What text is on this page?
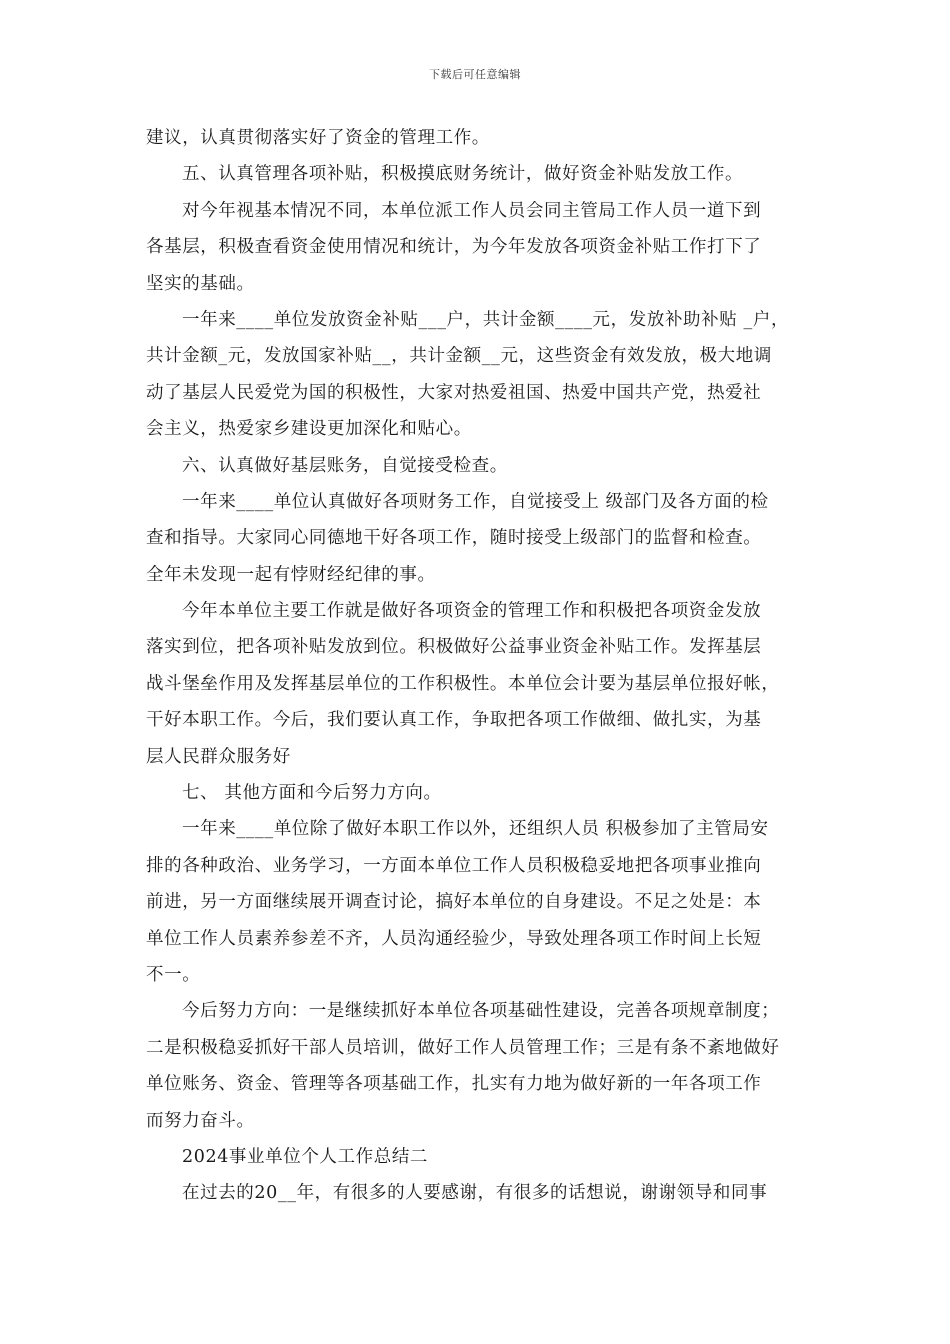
下载后可任意编辑
建议，认真贯彻落实好了资金的管理工作。
五、认真管理各项补贴，积极摸底财务统计，做好资金补贴发放工作。
对今年视基本情况不同，本单位派工作人员会同主管局工作人员一道下到
各基层，积极查看资金使用情况和统计，为今年发放各项资金补贴工作打下了
坚实的基础。
一年来____单位发放资金补贴___户，共计金额____元，发放补助补贴 _户，
共计金额_元，发放国家补贴__，共计金额__元，这些资金有效发放，极大地调
动了基层人民爱党为国的积极性，大家对热爱祖国、热爱中国共产党，热爱社
会主义，热爱家乡建设更加深化和贴心。
六、认真做好基层账务，自觉接受检查。
一年来____单位认真做好各项财务工作，自觉接受上 级部门及各方面的检
查和指导。大家同心同德地干好各项工作，随时接受上级部门的监督和检查。
全年未发现一起有悖财经纪律的事。
今年本单位主要工作就是做好各项资金的管理工作和积极把各项资金发放
落实到位，把各项补贴发放到位。积极做好公益事业资金补贴工作。发挥基层
战斗堡垒作用及发挥基层单位的工作积极性。本单位会计要为基层单位报好帐，
干好本职工作。今后，我们要认真工作，争取把各项工作做细、做扎实，为基
层人民群众服务好
七、 其他方面和今后努力方向。
一年来____单位除了做好本职工作以外，还组织人员 积极参加了主管局安
排的各种政治、业务学习，一方面本单位工作人员积极稳妥地把各项事业推向
前进，另一方面继续展开调查讨论，搞好本单位的自身建设。不足之处是：本
单位工作人员素养参差不齐，人员沟通经验少，导致处理各项工作时间上长短
不一。
今后努力方向：一是继续抓好本单位各项基础性建设，完善各项规章制度；
二是积极稳妥抓好干部人员培训，做好工作人员管理工作；三是有条不紊地做好
单位账务、资金、管理等各项基础工作，扎实有力地为做好新的一年各项工作
而努力奋斗。
2024事业单位个人工作总结二
在过去的20__年，有很多的人要感谢，有很多的话想说，谢谢领导和同事
